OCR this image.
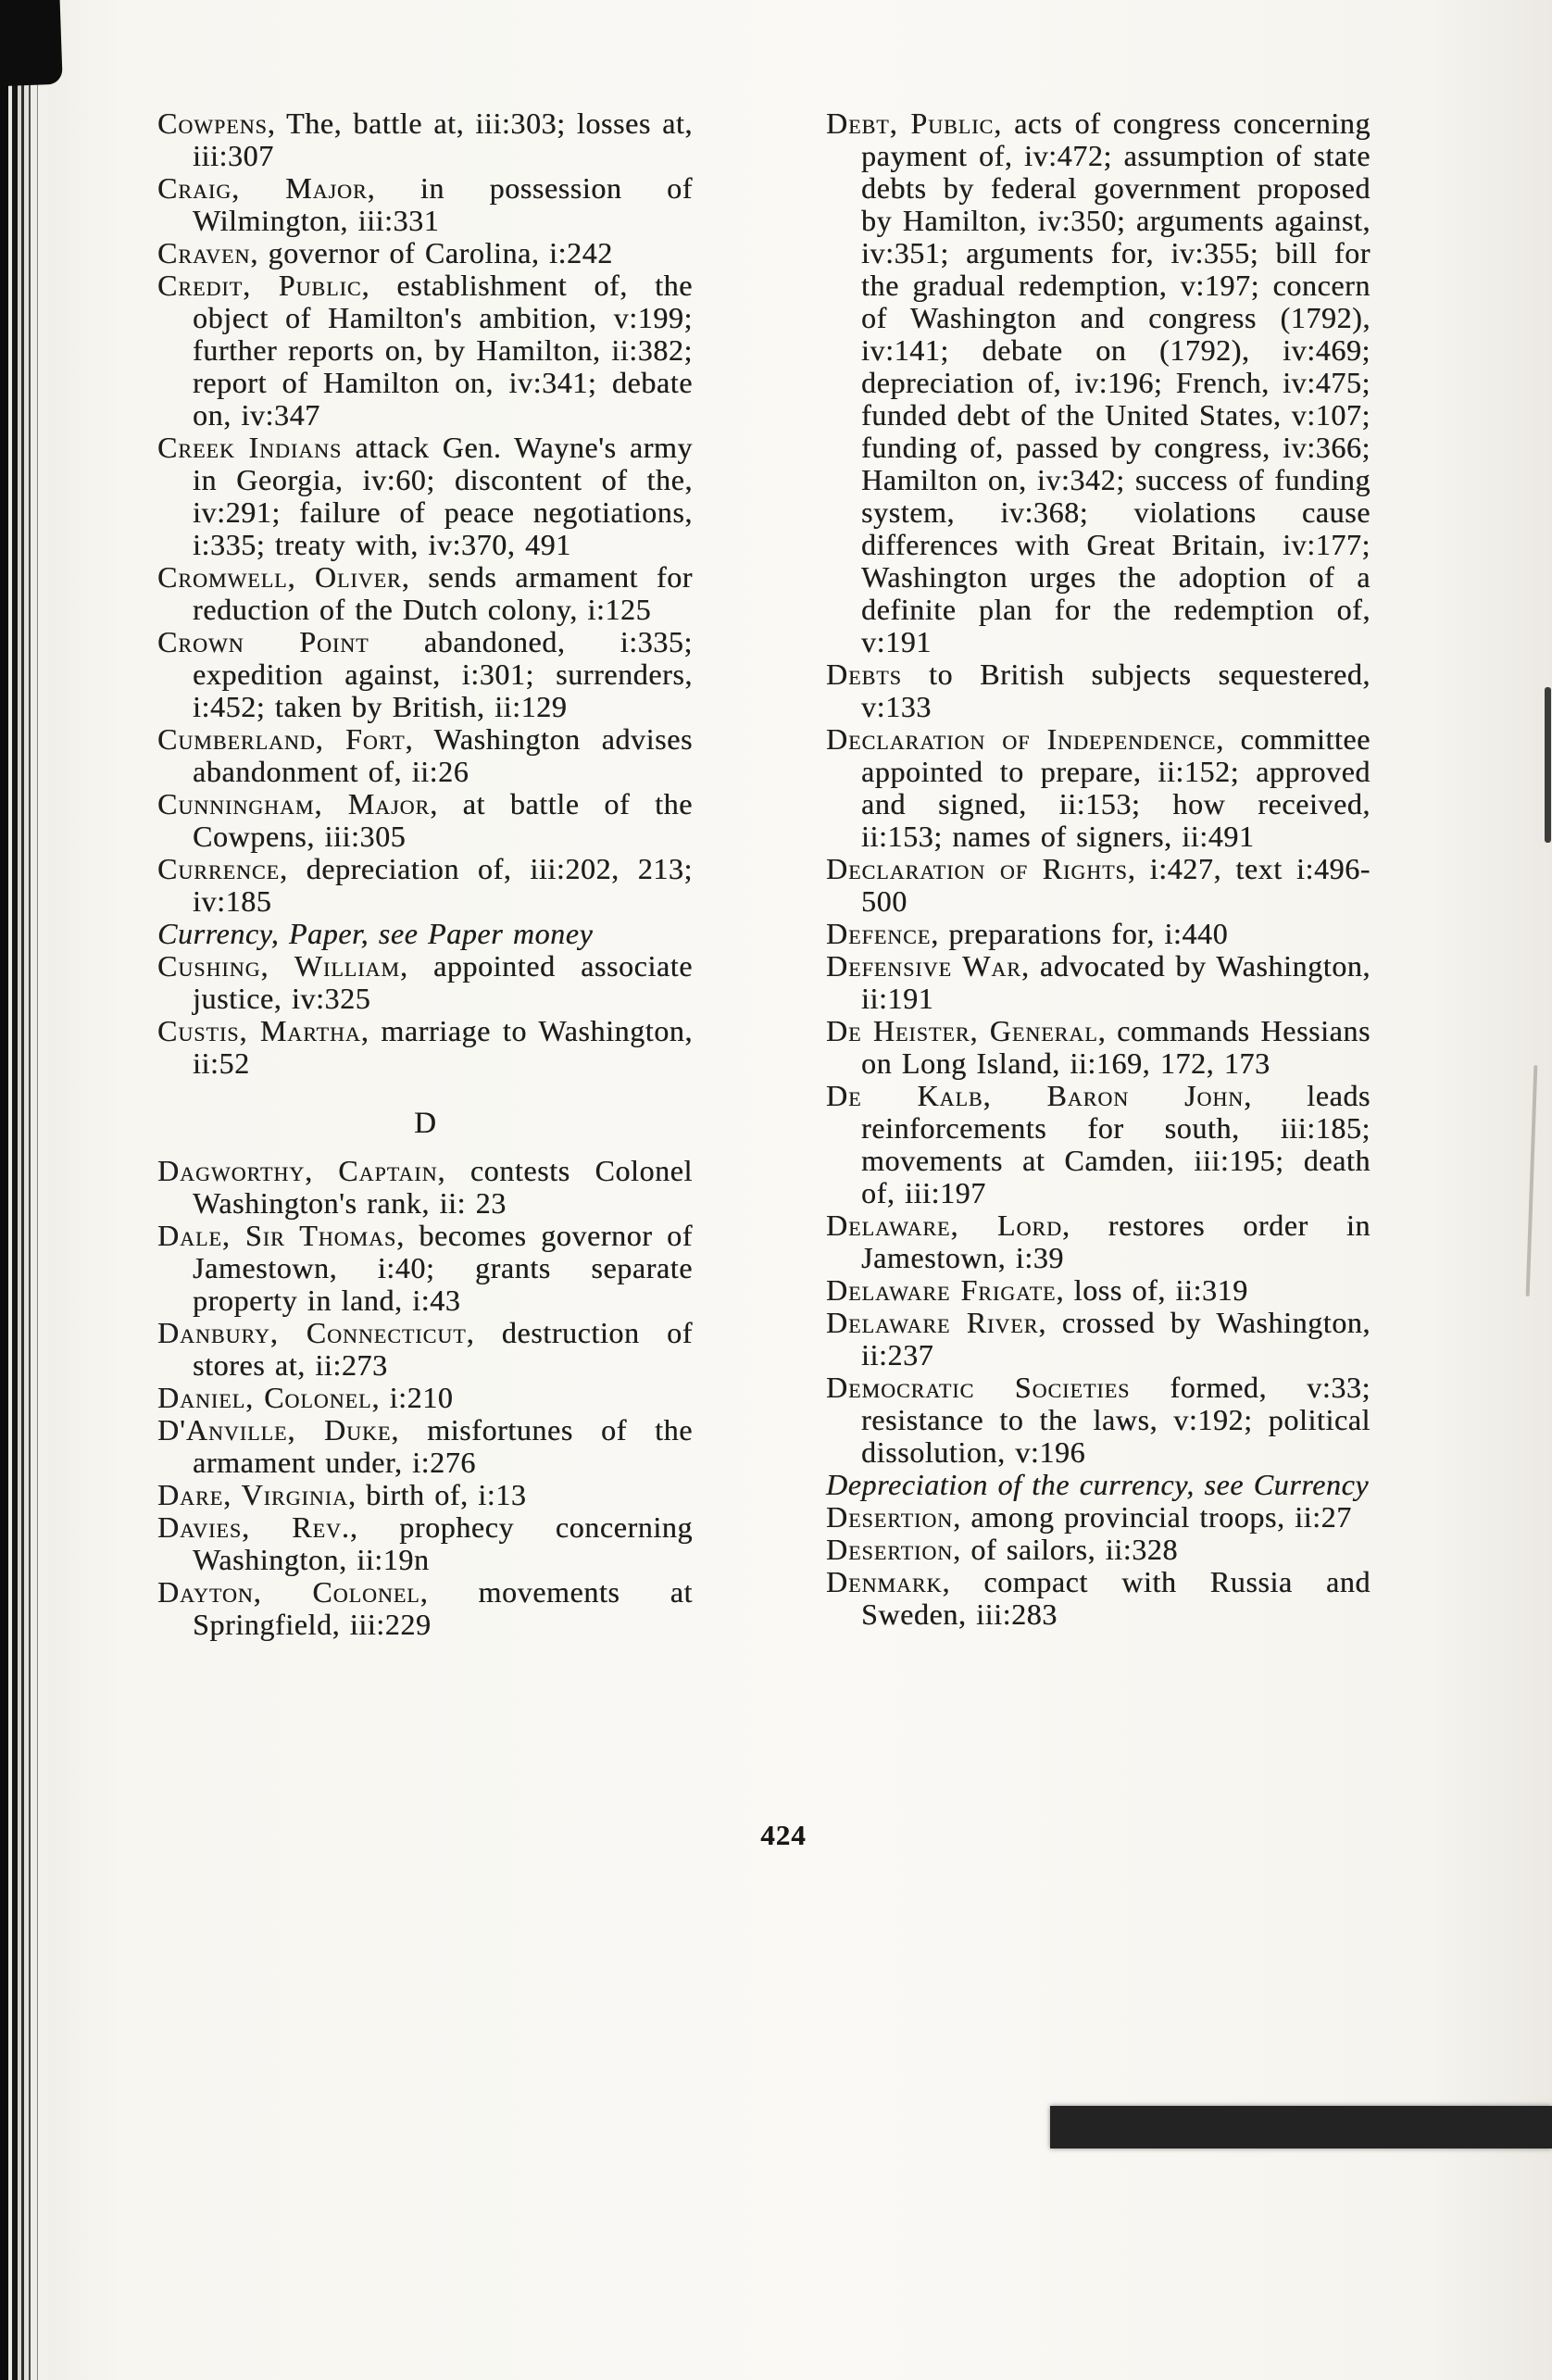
Cowpens, The, battle at, iii:303; losses at, iii:307
Craig, Major, in possession of Wilmington, iii:331
Craven, governor of Carolina, i:242
Credit, Public, establishment of, the object of Hamilton's ambition, v:199; further reports on, by Hamilton, ii:382; report of Hamilton on, iv:341; debate on, iv:347
Creek Indians attack Gen. Wayne's army in Georgia, iv:60; discontent of the, iv:291; failure of peace negotiations, i:335; treaty with, iv:370, 491
Cromwell, Oliver, sends armament for reduction of the Dutch colony, i:125
Crown Point abandoned, i:335; expedition against, i:301; surrenders, i:452; taken by British, ii:129
Cumberland, Fort, Washington advises abandonment of, ii:26
Cunningham, Major, at battle of the Cowpens, iii:305
Currence, depreciation of, iii:202, 213; iv:185
Currency, Paper, see Paper money
Cushing, William, appointed associate justice, iv:325
Custis, Martha, marriage to Washington, ii:52
D
Dagworthy, Captain, contests Colonel Washington's rank, ii: 23
Dale, Sir Thomas, becomes governor of Jamestown, i:40; grants separate property in land, i:43
Danbury, Connecticut, destruction of stores at, ii:273
Daniel, Colonel, i:210
D'Anville, Duke, misfortunes of the armament under, i:276
Dare, Virginia, birth of, i:13
Davies, Rev., prophecy concerning Washington, ii:19n
Dayton, Colonel, movements at Springfield, iii:229
Debt, Public, acts of congress concerning payment of, iv:472; assumption of state debts by federal government proposed by Hamilton, iv:350; arguments against, iv:351; arguments for, iv:355; bill for the gradual redemption, v:197; concern of Washington and congress (1792), iv:141; debate on (1792), iv:469; depreciation of, iv:196; French, iv:475; funded debt of the United States, v:107; funding of, passed by congress, iv:366; Hamilton on, iv:342; success of funding system, iv:368; violations cause differences with Great Britain, iv:177; Washington urges the adoption of a definite plan for the redemption of, v:191
Debts to British subjects sequestered, v:133
Declaration of Independence, committee appointed to prepare, ii:152; approved and signed, ii:153; how received, ii:153; names of signers, ii:491
Declaration of Rights, i:427, text i:496-500
Defence, preparations for, i:440
Defensive War, advocated by Washington, ii:191
De Heister, General, commands Hessians on Long Island, ii:169, 172, 173
De Kalb, Baron John, leads reinforcements for south, iii:185; movements at Camden, iii:195; death of, iii:197
Delaware, Lord, restores order in Jamestown, i:39
Delaware Frigate, loss of, ii:319
Delaware River, crossed by Washington, ii:237
Democratic Societies formed, v:33; resistance to the laws, v:192; political dissolution, v:196
Depreciation of the currency, see Currency
Desertion, among provincial troops, ii:27
Desertion, of sailors, ii:328
Denmark, compact with Russia and Sweden, iii:283
424
